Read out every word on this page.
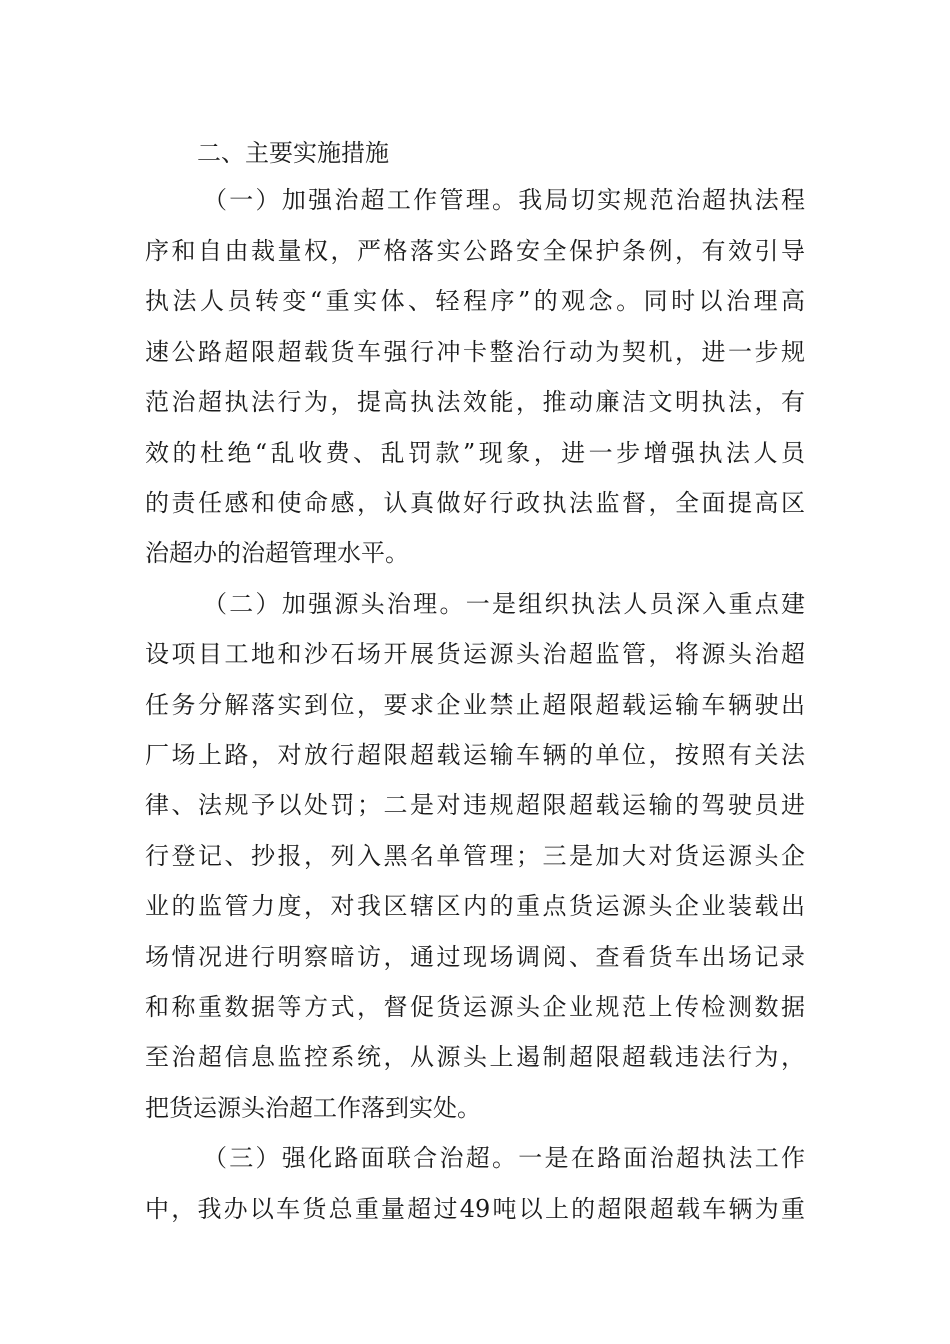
二、主要实施措施
（一）加强治超工作管理。我局切实规范治超执法程
序和自由裁量权，严格落实公路安全保护条例，有效引导
执法人员转变“重实体、轻程序”的观念。同时以治理高
速公路超限超载货车强行冲卡整治行动为契机，进一步规
范治超执法行为，提高执法效能，推动廉洁文明执法，有
效的杜绝“乱收费、乱罚款”现象，进一步增强执法人员
的责任感和使命感，认真做好行政执法监督，全面提高区
治超办的治超管理水平。
（二）加强源头治理。一是组织执法人员深入重点建
设项目工地和沙石场开展货运源头治超监管，将源头治超
任务分解落实到位，要求企业禁止超限超载运输车辆驶出
厂场上路，对放行超限超载运输车辆的单位，按照有关法
律、法规予以处罚；二是对违规超限超载运输的驾驶员进
行登记、抄报，列入黑名单管理；三是加大对货运源头企
业的监管力度，对我区辖区内的重点货运源头企业装载出
场情况进行明察暗访，通过现场调阅、查看货车出场记录
和称重数据等方式，督促货运源头企业规范上传检测数据
至治超信息监控系统，从源头上遏制超限超载违法行为，
把货运源头治超工作落到实处。
（三）强化路面联合治超。一是在路面治超执法工作
中，我办以车货总重量超过49吨以上的超限超载车辆为重
